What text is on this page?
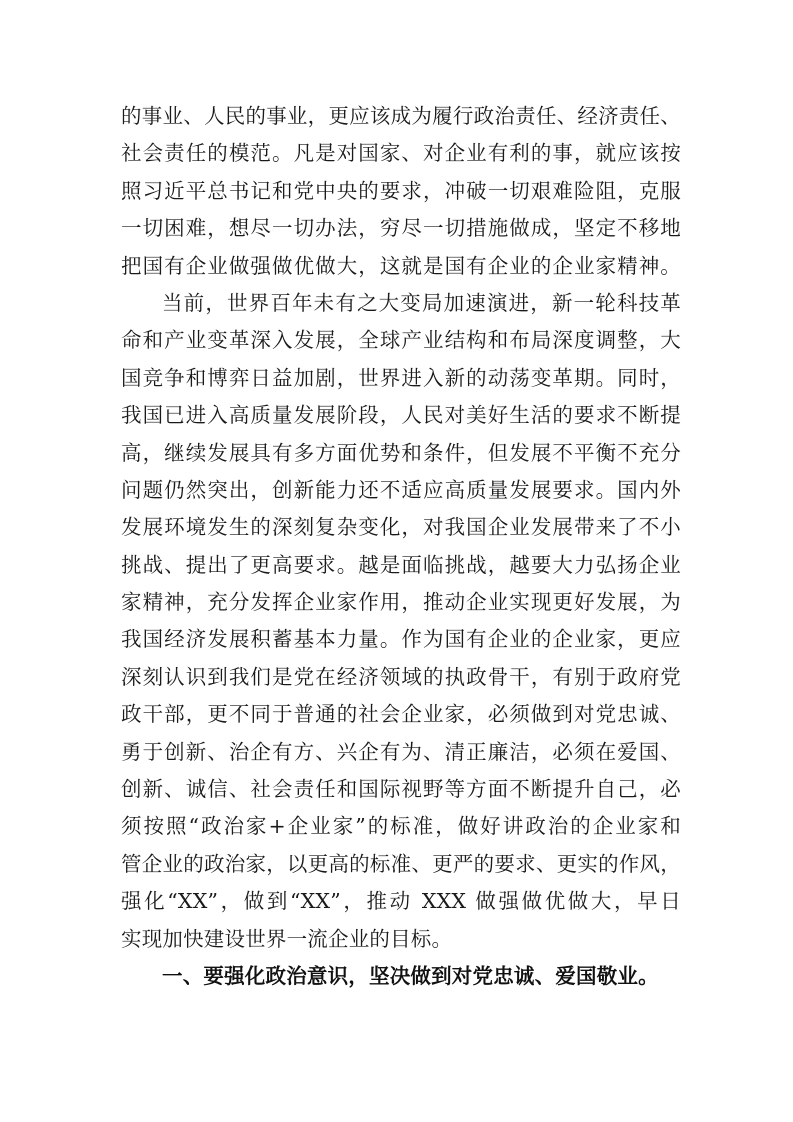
的事业、人民的事业，更应该成为履行政治责任、经济责任、
社会责任的模范。凡是对国家、对企业有利的事，就应该按
照习近平总书记和党中央的要求，冲破一切艰难险阻，克服
一切困难，想尽一切办法，穷尽一切措施做成，坚定不移地
把国有企业做强做优做大，这就是国有企业的企业家精神。
当前，世界百年未有之大变局加速演进，新一轮科技革
命和产业变革深入发展，全球产业结构和布局深度调整，大
国竞争和博弈日益加剧，世界进入新的动荡变革期。同时，
我国已进入高质量发展阶段，人民对美好生活的要求不断提
高，继续发展具有多方面优势和条件，但发展不平衡不充分
问题仍然突出，创新能力还不适应高质量发展要求。国内外
发展环境发生的深刻复杂变化，对我国企业发展带来了不小
挑战、提出了更高要求。越是面临挑战，越要大力弘扬企业
家精神，充分发挥企业家作用，推动企业实现更好发展，为
我国经济发展积蓄基本力量。作为国有企业的企业家，更应
深刻认识到我们是党在经济领域的执政骨干，有别于政府党
政干部，更不同于普通的社会企业家，必须做到对党忠诚、
勇于创新、治企有方、兴企有为、清正廉洁，必须在爱国、
创新、诚信、社会责任和国际视野等方面不断提升自己，必
须按照“政治家+企业家”的标准，做好讲政治的企业家和
管企业的政治家，以更高的标准、更严的要求、更实的作风，
强化“XX”，做到“XX”，推动 XXX 做强做优做大，早日
实现加快建设世界一流企业的目标。
一、要强化政治意识，坚决做到对党忠诚、爱国敬业。
